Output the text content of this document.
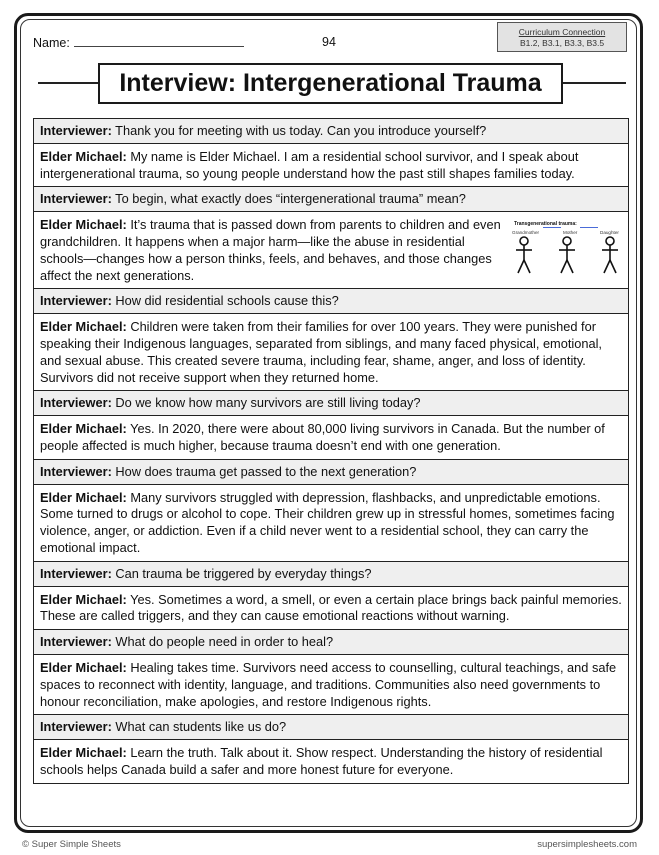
Name:	94
Curriculum Connection
B1.2, B3.1, B3.3, B3.5
Interview: Intergenerational Trauma
Interviewer: Thank you for meeting with us today. Can you introduce yourself?
Elder Michael: My name is Elder Michael. I am a residential school survivor, and I speak about intergenerational trauma, so young people understand how the past still shapes families today.
Interviewer: To begin, what exactly does “intergenerational trauma” mean?
Transgenerational trauma:
Grandmother	Mother	Daughter
Elder Michael: It’s trauma that is passed down from parents to children and even grandchildren. It happens when a major harm—like the abuse in residential schools—changes how a person thinks, feels, and behaves, and those changes affect the next generations.
Interviewer: How did residential schools cause this?
Elder Michael: Children were taken from their families for over 100 years. They were punished for speaking their Indigenous languages, separated from siblings, and many faced physical, emotional, and sexual abuse. This created severe trauma, including fear, shame, anger, and loss of identity. Survivors did not receive support when they returned home.
Interviewer: Do we know how many survivors are still living today?
Elder Michael: Yes. In 2020, there were about 80,000 living survivors in Canada. But the number of people affected is much higher, because trauma doesn’t end with one generation.
Interviewer: How does trauma get passed to the next generation?
Elder Michael: Many survivors struggled with depression, flashbacks, and unpredictable emotions. Some turned to drugs or alcohol to cope. Their children grew up in stressful homes, sometimes facing violence, anger, or addiction. Even if a child never went to a residential school, they can carry the emotional impact.
Interviewer: Can trauma be triggered by everyday things?
Elder Michael: Yes. Sometimes a word, a smell, or even a certain place brings back painful memories. These are called triggers, and they can cause emotional reactions without warning.
Interviewer: What do people need in order to heal?
Elder Michael: Healing takes time. Survivors need access to counselling, cultural teachings, and safe spaces to reconnect with identity, language, and traditions. Communities also need governments to honour reconciliation, make apologies, and restore Indigenous rights.
Interviewer: What can students like us do?
Elder Michael: Learn the truth. Talk about it. Show respect. Understanding the history of residential schools helps Canada build a safer and more honest future for everyone.
© Super Simple Sheets	supersimplesheets.com
